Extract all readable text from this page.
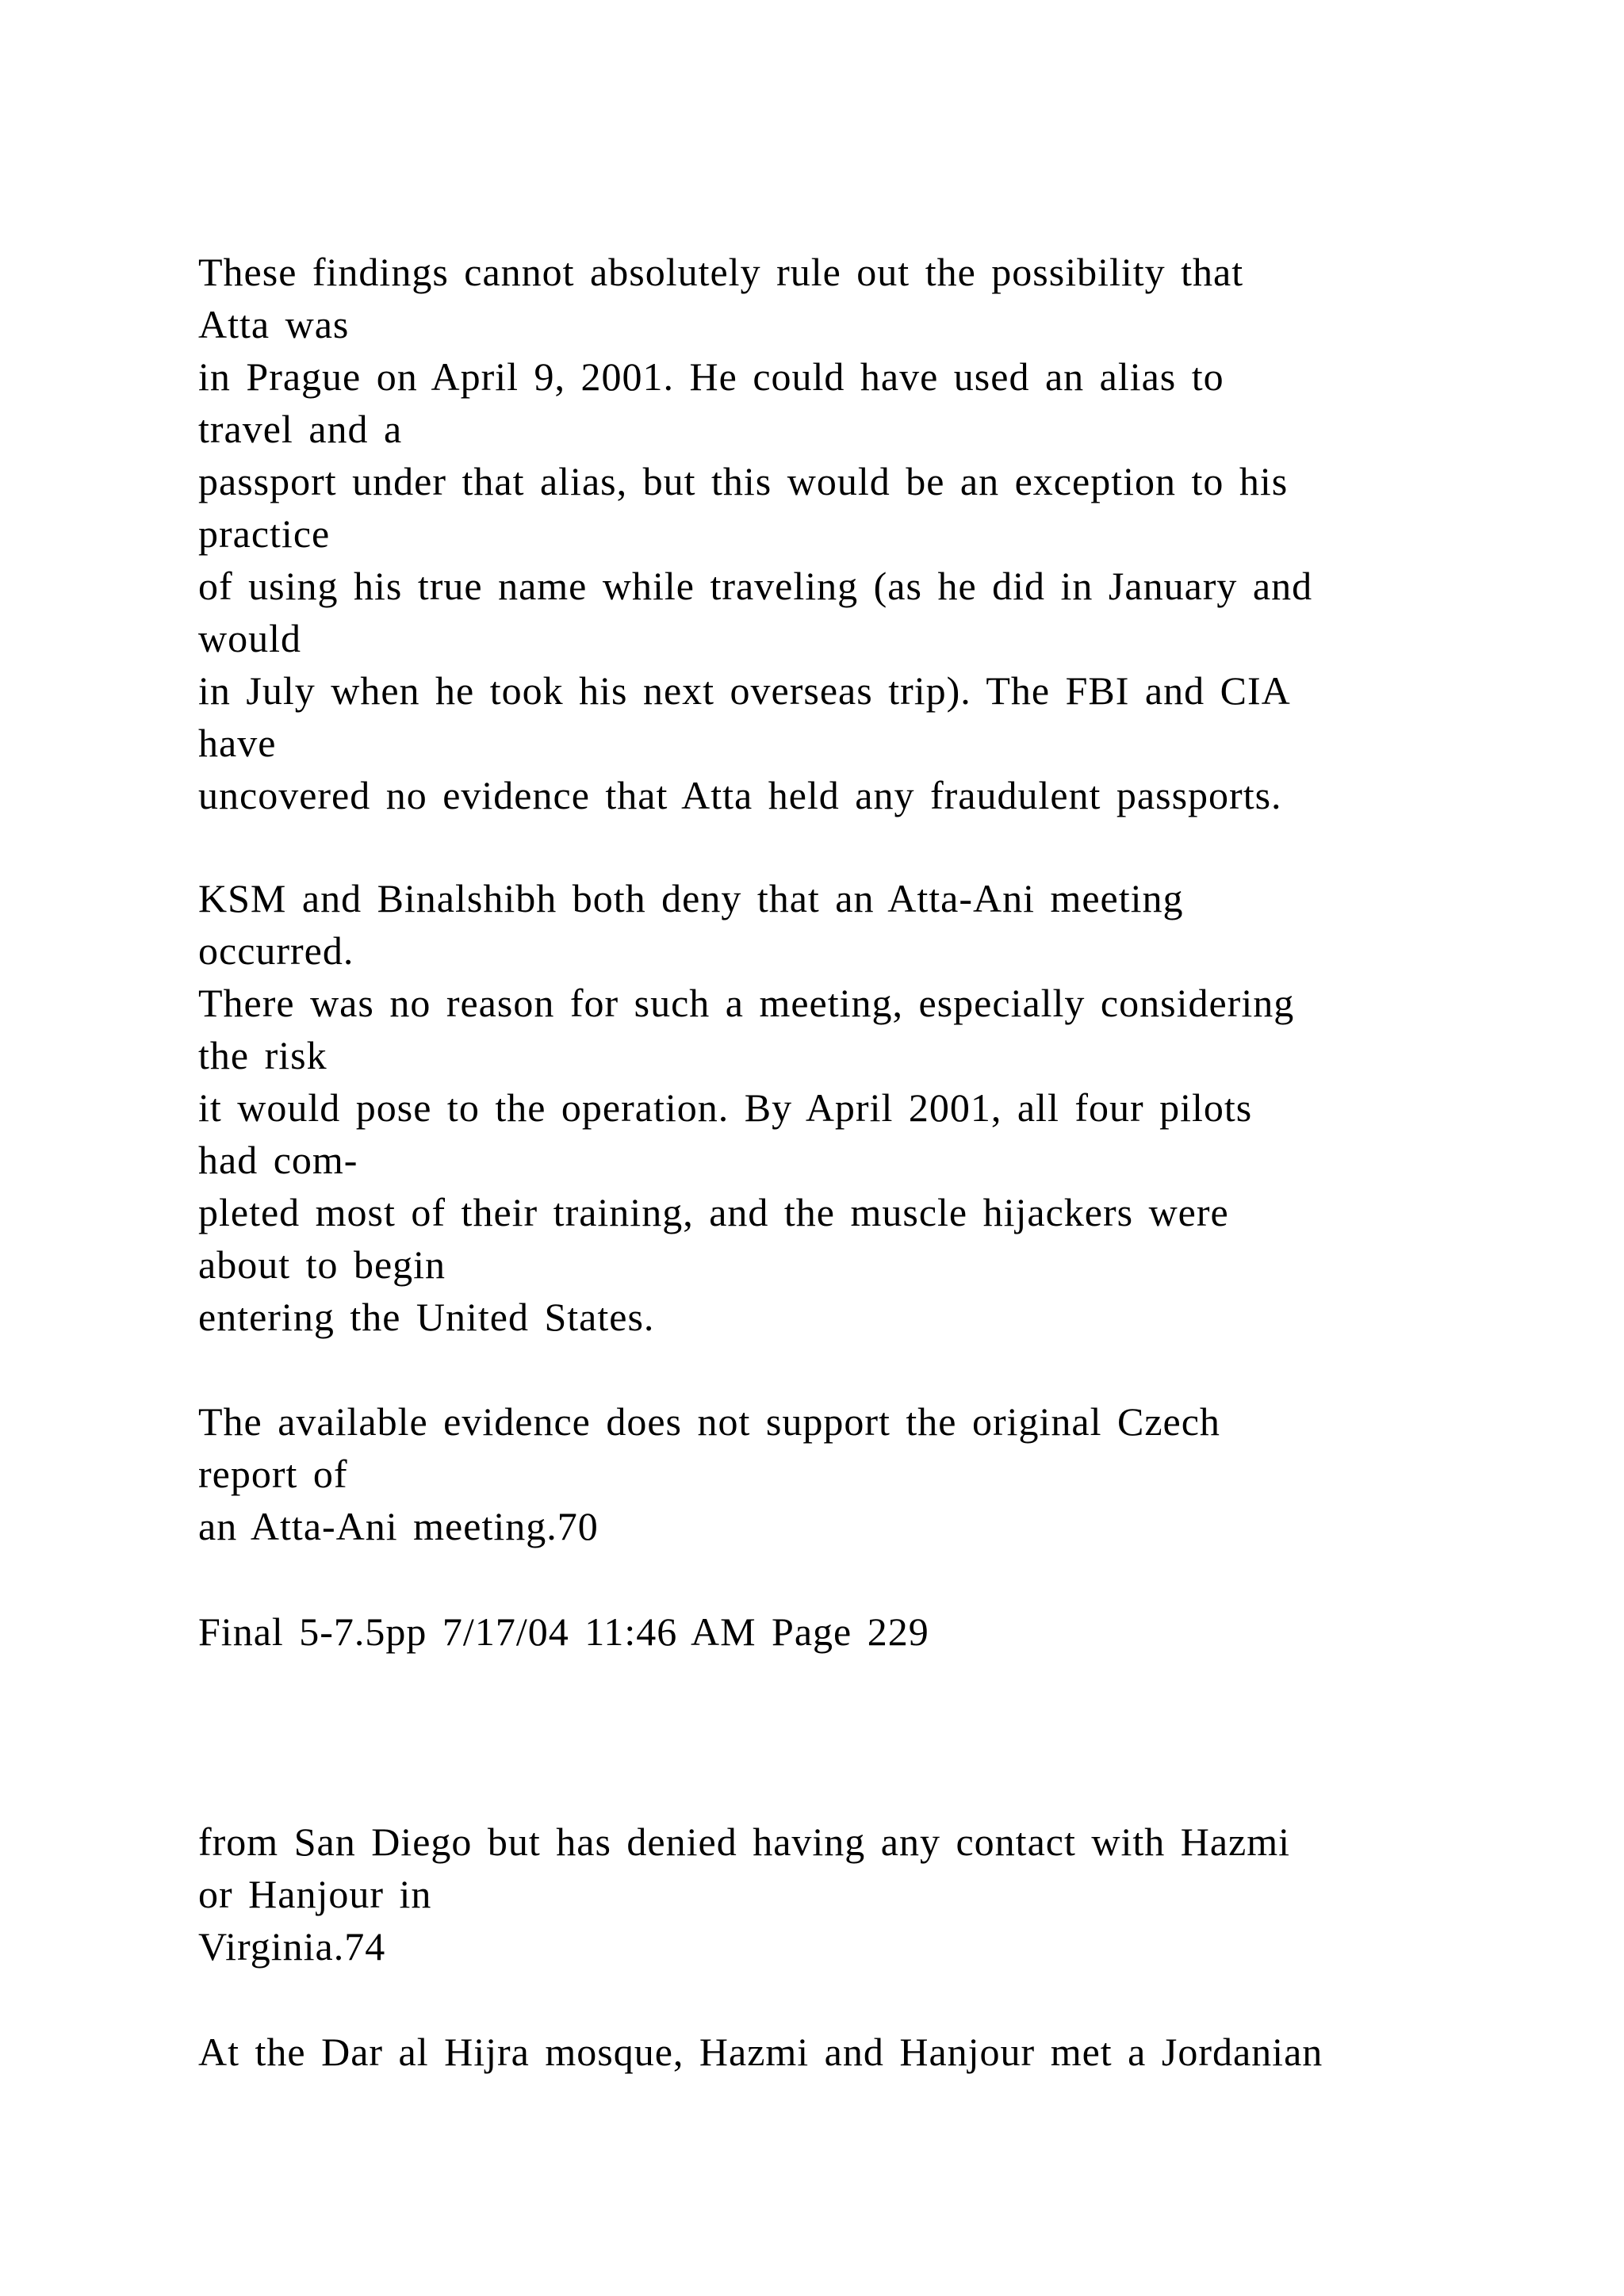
These findings cannot absolutely rule out the possibility that
Atta was
in Prague on April 9, 2001. He could have used an alias to
travel and a
passport under that alias, but this would be an exception to his
practice
of using his true name while traveling (as he did in January and
would
in July when he took his next overseas trip). The FBI and CIA
have
uncovered no evidence that Atta held any fraudulent passports.
KSM and Binalshibh both deny that an Atta-Ani meeting
occurred.
There was no reason for such a meeting, especially considering
the risk
it would pose to the operation. By April 2001, all four pilots
had com-
pleted most of their training, and the muscle hijackers were
about to begin
entering the United States.
The available evidence does not support the original Czech
report of
an Atta-Ani meeting.70
Final 5-7.5pp 7/17/04 11:46 AM Page 229
from San Diego but has denied having any contact with Hazmi
or Hanjour in
Virginia.74
At the Dar al Hijra mosque, Hazmi and Hanjour met a Jordanian
